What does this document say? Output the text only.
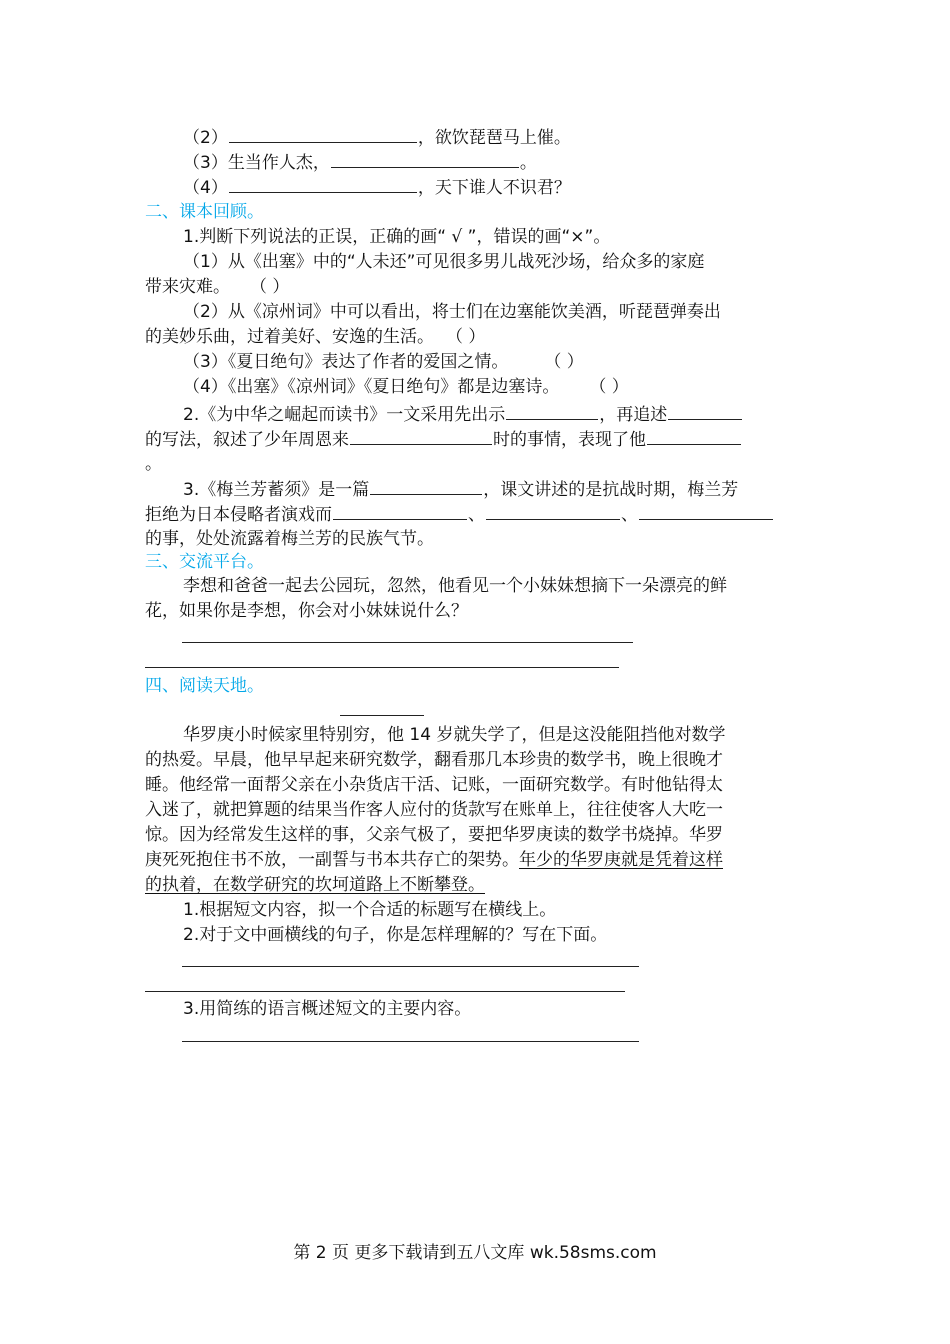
（2）	，欲饮琵琶马上催。
（3）生当作人杰，	。
（4）	，天下谁人不识君？
二、课本回顾。
1.判断下列说法的正误，正确的画“ √ ”，错误的画“×”。
（1）从《出塞》中的“人未还”可见很多男儿战死沙场，给众多的家庭
带来灾难。 （ ）
（2）从《凉州词》中可以看出，将士们在边塞能饮美酒，听琵琶弹奏出
的美妙乐曲，过着美好、安逸的生活。 （ ）
（3）《夏日绝句》表达了作者的爱国之情。 （ ）
（4）《出塞》《凉州词》《夏日绝句》都是边塞诗。 （ ）
2.《为中华之崛起而读书》一文采用先出示	，再追述
的写法，叙述了少年周恩来	时的事情，表现了他
。
3.《梅兰芳蓄须》是一篇	，课文讲述的是抗战时期，梅兰芳
拒绝为日本侵略者演戏而	、	、
的事，处处流露着梅兰芳的民族气节。
三、交流平台。
李想和爸爸一起去公园玩，忽然，他看见一个小妹妹想摘下一朵漂亮的鲜
花，如果你是李想，你会对小妹妹说什么？
四、阅读天地。
华罗庚小时候家里特别穷，他 14 岁就失学了，但是这没能阻挡他对数学
的热爱。早晨，他早早起来研究数学，翻看那几本珍贵的数学书，晚上很晚才
睡。他经常一面帮父亲在小杂货店干活、记账，一面研究数学。有时他钻得太
入迷了，就把算题的结果当作客人应付的货款写在账单上，往往使客人大吃一
惊。因为经常发生这样的事，父亲气极了，要把华罗庚读的数学书烧掉。华罗
庚死死抱住书不放，一副誓与书本共存亡的架势。年少的华罗庚就是凭着这样
的执着，在数学研究的坎坷道路上不断攀登。
1.根据短文内容，拟一个合适的标题写在横线上。
2.对于文中画横线的句子，你是怎样理解的？写在下面。
3.用简练的语言概述短文的主要内容。
第 2 页 更多下载请到五八文库 wk.58sms.com
